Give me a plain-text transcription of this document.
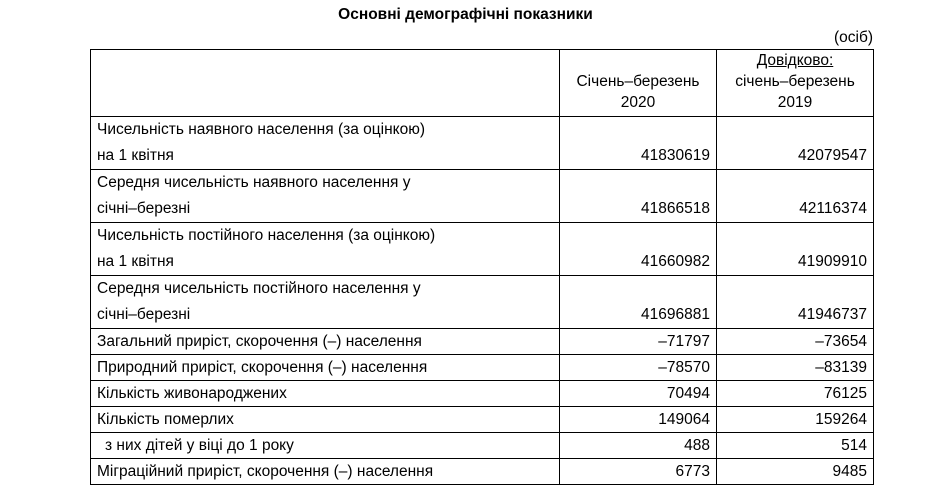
Основні демографічні показники
(осіб)
	Січень–березень 2020	Довідково:
січень–березень 2019

Чисельність наявного населення (за оцінкою)
на 1 квітня	41830619	42079547

Середня чисельність наявного населення у
січні–березні	41866518	42116374

Чисельність постійного населення (за оцінкою)
на 1 квітня	41660982	41909910

Середня чисельність постійного населення у
січні–березні	41696881	41946737
Загальний приріст, скорочення (–) населення	–71797	–73654
Природний приріст, скорочення (–) населення	–78570	–83139
Кількість живонароджених	70494	76125
Кількість померлих	149064	159264
з них дітей у віці до 1 року	488	514
Міграційний приріст, скорочення (–) населення	6773	9485
